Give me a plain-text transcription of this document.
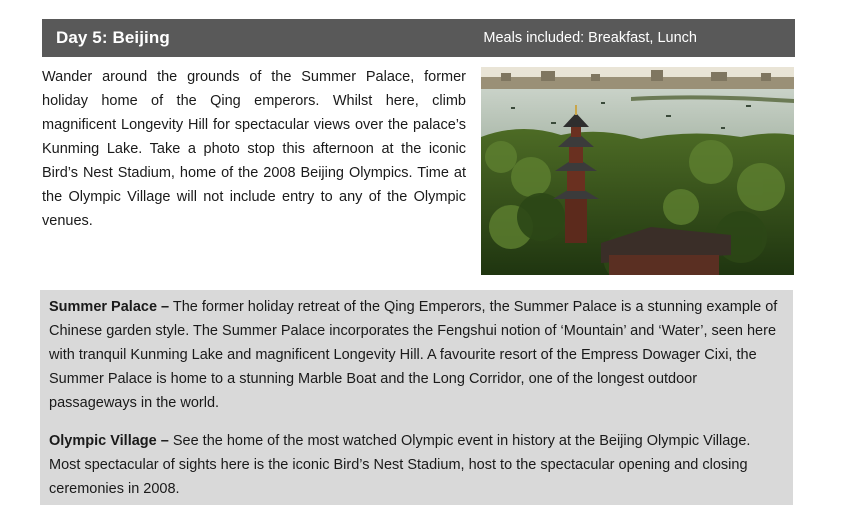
Day 5: Beijing	Meals included: Breakfast, Lunch

Wander around the grounds of the Summer Palace, former holiday home of the Qing emperors. Whilst here, climb magnificent Longevity Hill for spectacular views over the palace’s Kunming Lake. Take a photo stop this afternoon at the iconic Bird’s Nest Stadium, home of the 2008 Beijing Olympics. Time at the Olympic Village will not include entry to any of the Olympic venues.

Summer Palace – The former holiday retreat of the Qing Emperors, the Summer Palace is a stunning example of Chinese garden style. The Summer Palace incorporates the Fengshui notion of ‘Mountain’ and ‘Water’, seen here with tranquil Kunming Lake and magnificent Longevity Hill. A favourite resort of the Empress Dowager Cixi, the Summer Palace is home to a stunning Marble Boat and the Long Corridor, one of the longest outdoor passageways in the world.

Olympic Village – See the home of the most watched Olympic event in history at the Beijing Olympic Village. Most spectacular of sights here is the iconic Bird’s Nest Stadium, host to the spectacular opening and closing ceremonies in 2008.
